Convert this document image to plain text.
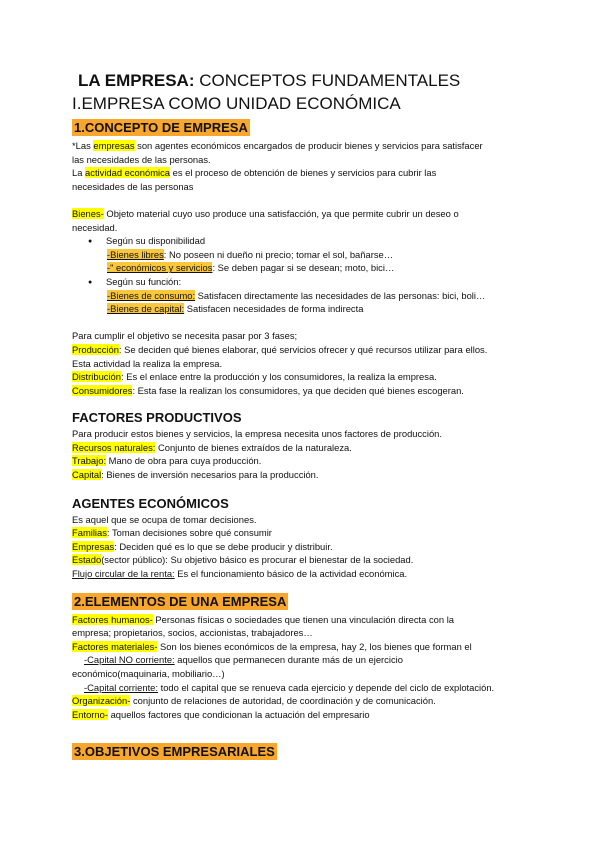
LA EMPRESA: CONCEPTOS FUNDAMENTALES
I.EMPRESA COMO UNIDAD ECONÓMICA
1.CONCEPTO DE EMPRESA

*Las empresas son agentes económicos encargados de producir bienes y servicios para satisfacer

las necesidades de las personas.

La actividad económica es el proceso de obtención de bienes y servicios para cubrir las

necesidades de las personas

Bienes- Objeto material cuyo uso produce una satisfacción, ya que permite cubrir un deseo o

necesidad.

● Según su disponibilidad

-Bienes libres: No poseen ni dueño ni precio; tomar el sol, bañarse…

-" económicos y servicios: Se deben pagar si se desean; moto, bici…

● Según su función:

-Bienes de consumo: Satisfacen directamente las necesidades de las personas: bici, boli…

-Bienes de capital: Satisfacen necesidades de forma indirecta

Para cumplir el objetivo se necesita pasar por 3 fases;

Producción: Se deciden qué bienes elaborar, qué servicios ofrecer y qué recursos utilizar para ellos.

Esta actividad la realiza la empresa.

Distribución: Es el enlace entre la producción y los consumidores, la realiza la empresa.

Consumidores: Esta fase la realizan los consumidores, ya que deciden qué bienes escogeran.

FACTORES PRODUCTIVOS

Para producir estos bienes y servicios, la empresa necesita unos factores de producción.

Recursos naturales: Conjunto de bienes extraídos de la naturaleza.

Trabajo: Mano de obra para cuya producción.

Capital: Bienes de inversión necesarios para la producción.

AGENTES ECONÓMICOS

Es aquel que se ocupa de tomar decisiones.

Familias: Toman decisiones sobre qué consumir

Empresas: Deciden qué es lo que se debe producir y distribuir.

Estado(sector público): Su objetivo básico es procurar el bienestar de la sociedad.

Flujo circular de la renta: Es el funcionamiento básico de la actividad económica.

2.ELEMENTOS DE UNA EMPRESA

Factores humanos- Personas físicas o sociedades que tienen una vinculación directa con la

empresa; propietarios, socios, accionistas, trabajadores…

Factores materiales- Son los bienes económicos de la empresa, hay 2, los bienes que forman el

-Capital NO corriente: aquellos que permanecen durante más de un ejercicio

económico(maquinaria, mobiliario…)

-Capital corriente: todo el capital que se renueva cada ejercicio y depende del ciclo de explotación.

Organización- conjunto de relaciones de autoridad, de coordinación y de comunicación.

Entorno- aquellos factores que condicionan la actuación del empresario

3.OBJETIVOS EMPRESARIALES
